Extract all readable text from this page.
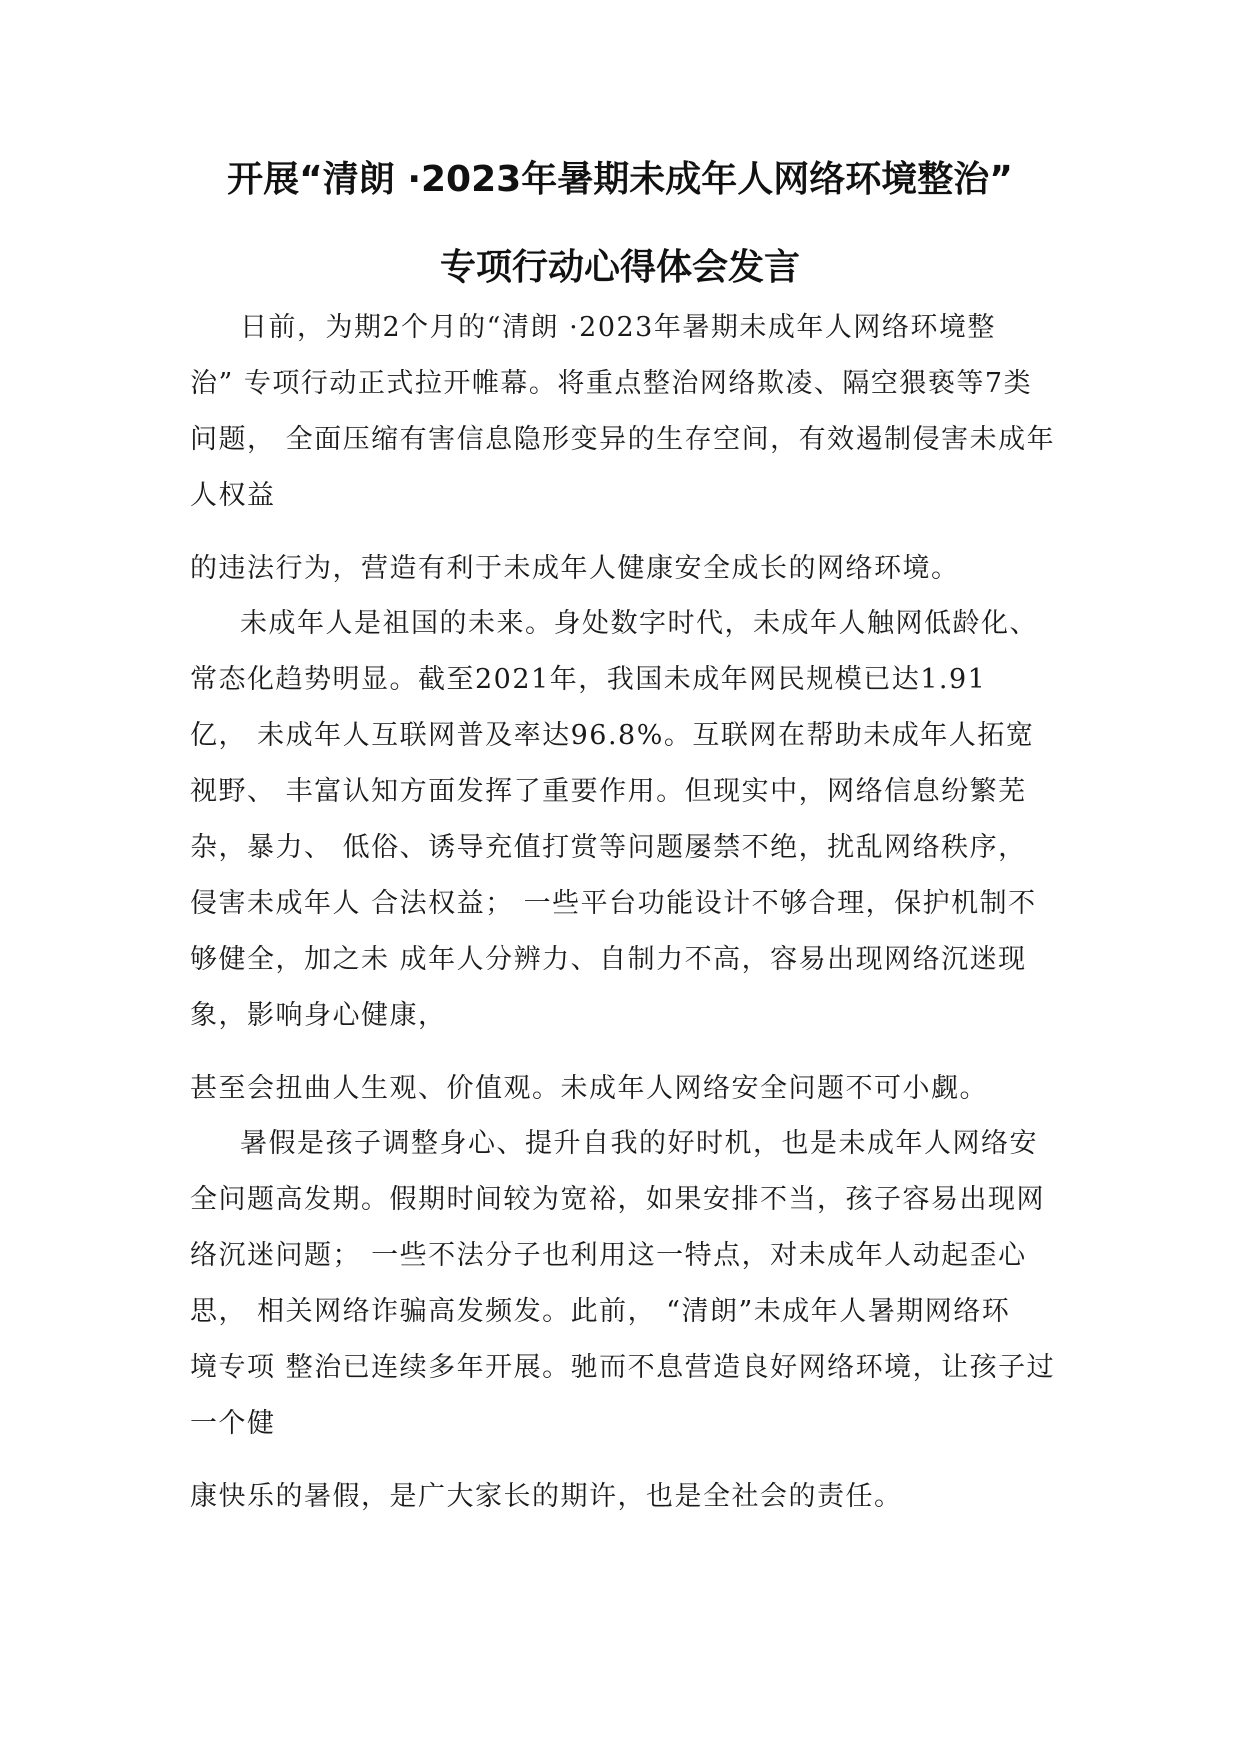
开展“清朗 ·2023年暑期未成年人网络环境整治”
专项行动心得体会发言

日前，为期2个月的“清朗 ·2023年暑期未成年人网络环境整

治” 专项行动正式拉开帷幕。将重点整治网络欺凌、隔空猥亵等7类

问题， 全面压缩有害信息隐形变异的生存空间，有效遏制侵害未成年

人权益

的违法行为，营造有利于未成年人健康安全成长的网络环境。

未成年人是祖国的未来。身处数字时代，未成年人触网低龄化、

常态化趋势明显。截至2021年，我国未成年网民规模已达1.91

亿， 未成年人互联网普及率达96.8%。互联网在帮助未成年人拓宽

视野、 丰富认知方面发挥了重要作用。但现实中，网络信息纷繁芜

杂，暴力、 低俗、诱导充值打赏等问题屡禁不绝，扰乱网络秩序，

侵害未成年人 合法权益； 一些平台功能设计不够合理，保护机制不

够健全，加之未 成年人分辨力、自制力不高，容易出现网络沉迷现

象，影响身心健康，

甚至会扭曲人生观、价值观。未成年人网络安全问题不可小觑。

暑假是孩子调整身心、提升自我的好时机，也是未成年人网络安

全问题高发期。假期时间较为宽裕，如果安排不当，孩子容易出现网

络沉迷问题； 一些不法分子也利用这一特点，对未成年人动起歪心

思， 相关网络诈骗高发频发。此前， “清朗”未成年人暑期网络环

境专项 整治已连续多年开展。驰而不息营造良好网络环境，让孩子过

一个健

康快乐的暑假，是广大家长的期许，也是全社会的责任。
